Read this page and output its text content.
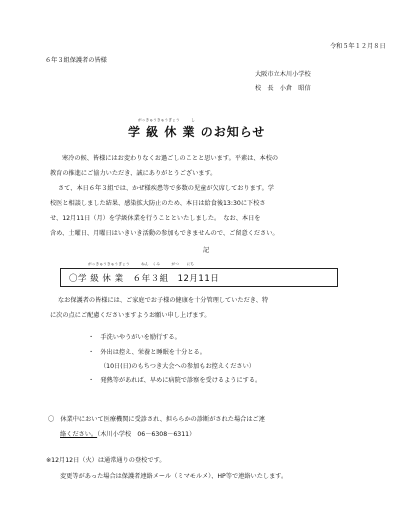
令和５年１２月８日
６年３組保護者の皆様
大阪市立木川小学校
校　長　小倉　昭信
がっきゅうきゅうぎょう　　　し
学 級 休 業 のお知らせ
寒冷の候、皆様にはお変わりなくお過ごしのことと思います。平素は、本校の
教育の推進にご協力いただき、誠にありがとうございます。
さて、本日６年３組では、かぜ様疾患等で多数の児童が欠席しております。学
校医と相談しました結果、感染拡大防止のため、本日は給食後13:30に下校さ
せ、12月11日（月）を学級休業を行うことといたしました。　なお、本日を
含め、土曜日、月曜日はいきいき活動の参加もできませんので、ご留意ください。
記
がっきゅうきゅうぎょう　　　ねん　くみ　　　がつ　　にち
〇学 級 休 業　６年３組　12月11日
なお保護者の皆様には、ご家庭でお子様の健康を十分管理していただき、特
に次の点にご配慮くださいますようお願い申し上げます。
・　手洗いやうがいを励行する。
・　外出は控え、栄養と睡眠を十分とる。
（10日(日)のもちつき大会への参加もお控えください）
・　発熱等があれば、早めに病院で診察を受けるようにする。
〇　休業中において医療機関に受診され、担ららかの診断がされた場合はご連
絡ください。（木川小学校　06－6308－6311）
※12月12日（火）は通常通りの登校です。
変更等があった場合は保護者連絡メール（ミマモルメ）、HP等で連絡いたします。
